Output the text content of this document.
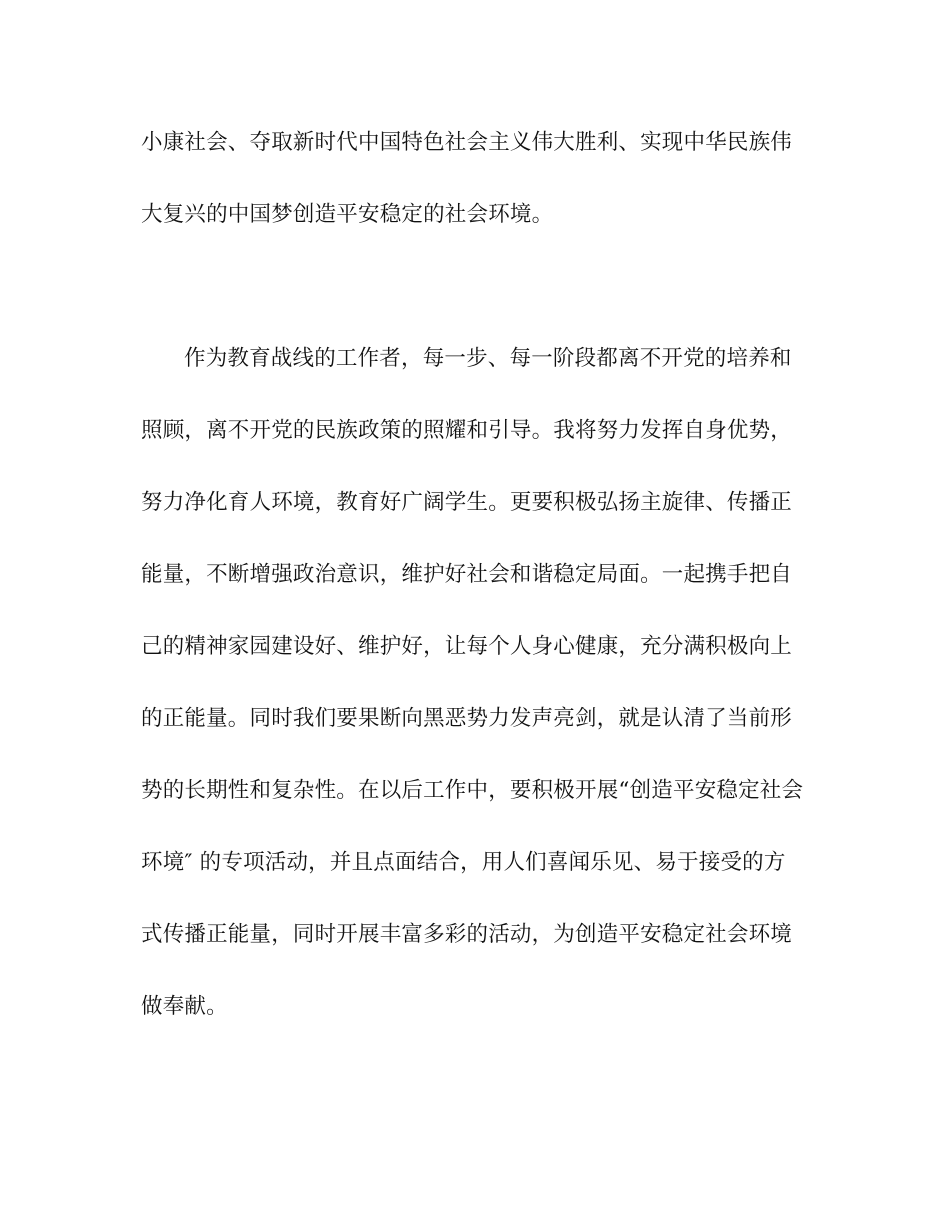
小康社会、夺取新时代中国特色社会主义伟大胜利、实现中华民族伟
大复兴的中国梦创造平安稳定的社会环境。
作为教育战线的工作者，每一步、每一阶段都离不开党的培养和
照顾，离不开党的民族政策的照耀和引导。我将努力发挥自身优势，
努力净化育人环境，教育好广阔学生。更要积极弘扬主旋律、传播正
能量，不断增强政治意识，维护好社会和谐稳定局面。一起携手把自
己的精神家园建设好、维护好，让每个人身心健康，充分满积极向上
的正能量。同时我们要果断向黑恶势力发声亮剑，就是认清了当前形
势的长期性和复杂性。在以后工作中，要积极开展“创造平安稳定社会
环境″ 的专项活动，并且点面结合，用人们喜闻乐见、易于接受的方
式传播正能量，同时开展丰富多彩的活动，为创造平安稳定社会环境
做奉献。
